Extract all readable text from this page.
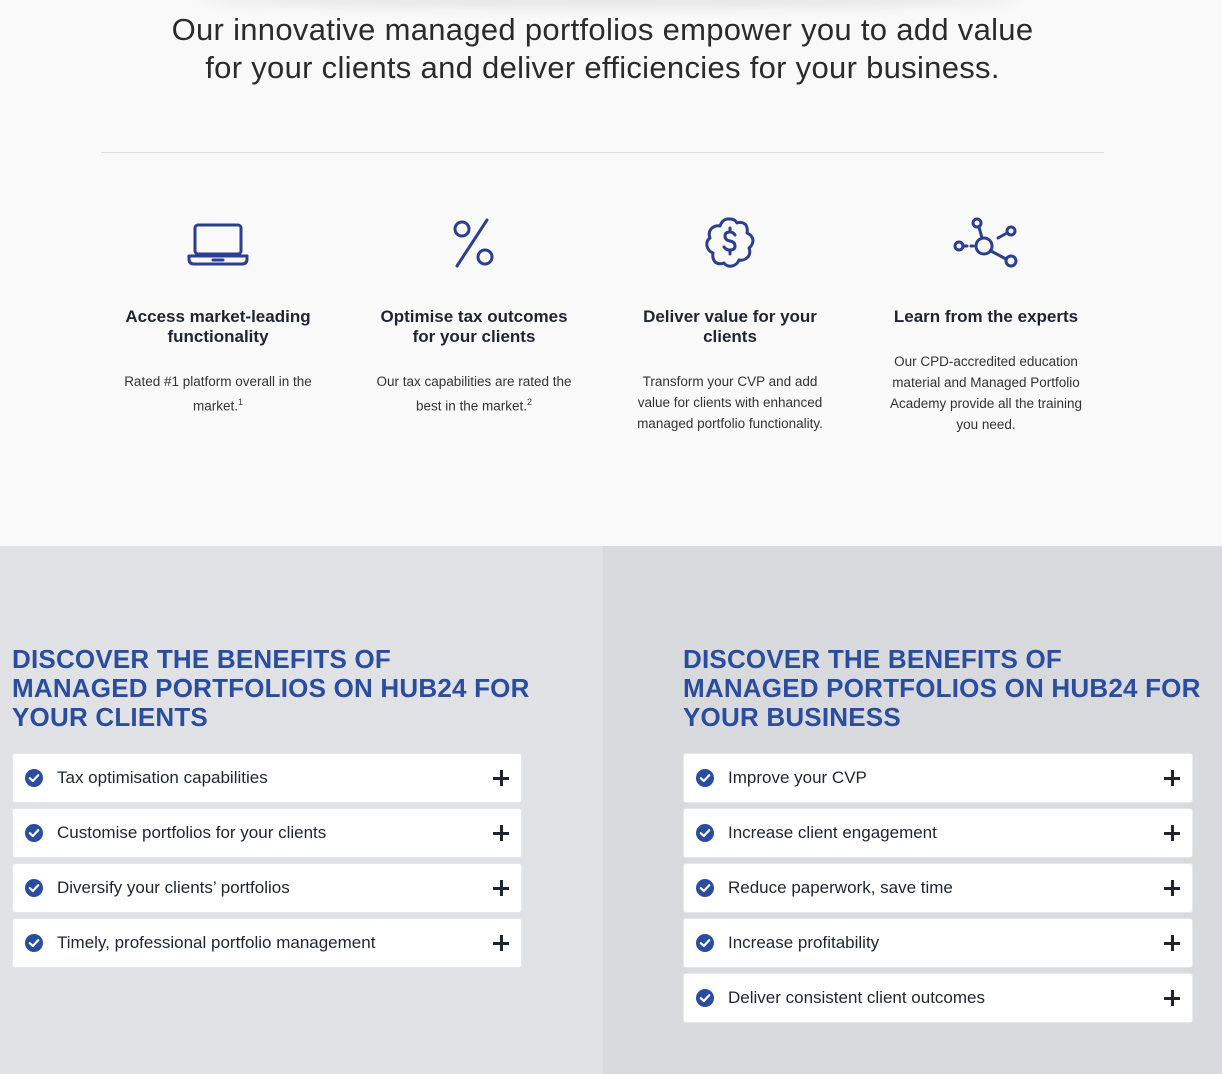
Our innovative managed portfolios empower you to add value
for your clients and deliver efficiencies for your business.
Access market-leading functionality

Rated #1 platform overall in the market.$^1$

Optimise tax outcomes for your clients

Our tax capabilities are rated the best in the market.$^2$

Deliver value for your clients

Transform your CVP and add value for clients with enhanced managed portfolio functionality.

Learn from the experts

Our CPD-accredited education material and Managed Portfolio Academy provide all the training you need.

DISCOVER THE BENEFITS OF MANAGED PORTFOLIOS ON HUB24 FOR YOUR CLIENTS
Tax optimisation capabilities
Customise portfolios for your clients
Diversify your clients’ portfolios
Timely, professional portfolio management
DISCOVER THE BENEFITS OF MANAGED PORTFOLIOS ON HUB24 FOR YOUR BUSINESS
Improve your CVP
Increase client engagement
Reduce paperwork, save time
Increase profitability
Deliver consistent client outcomes
